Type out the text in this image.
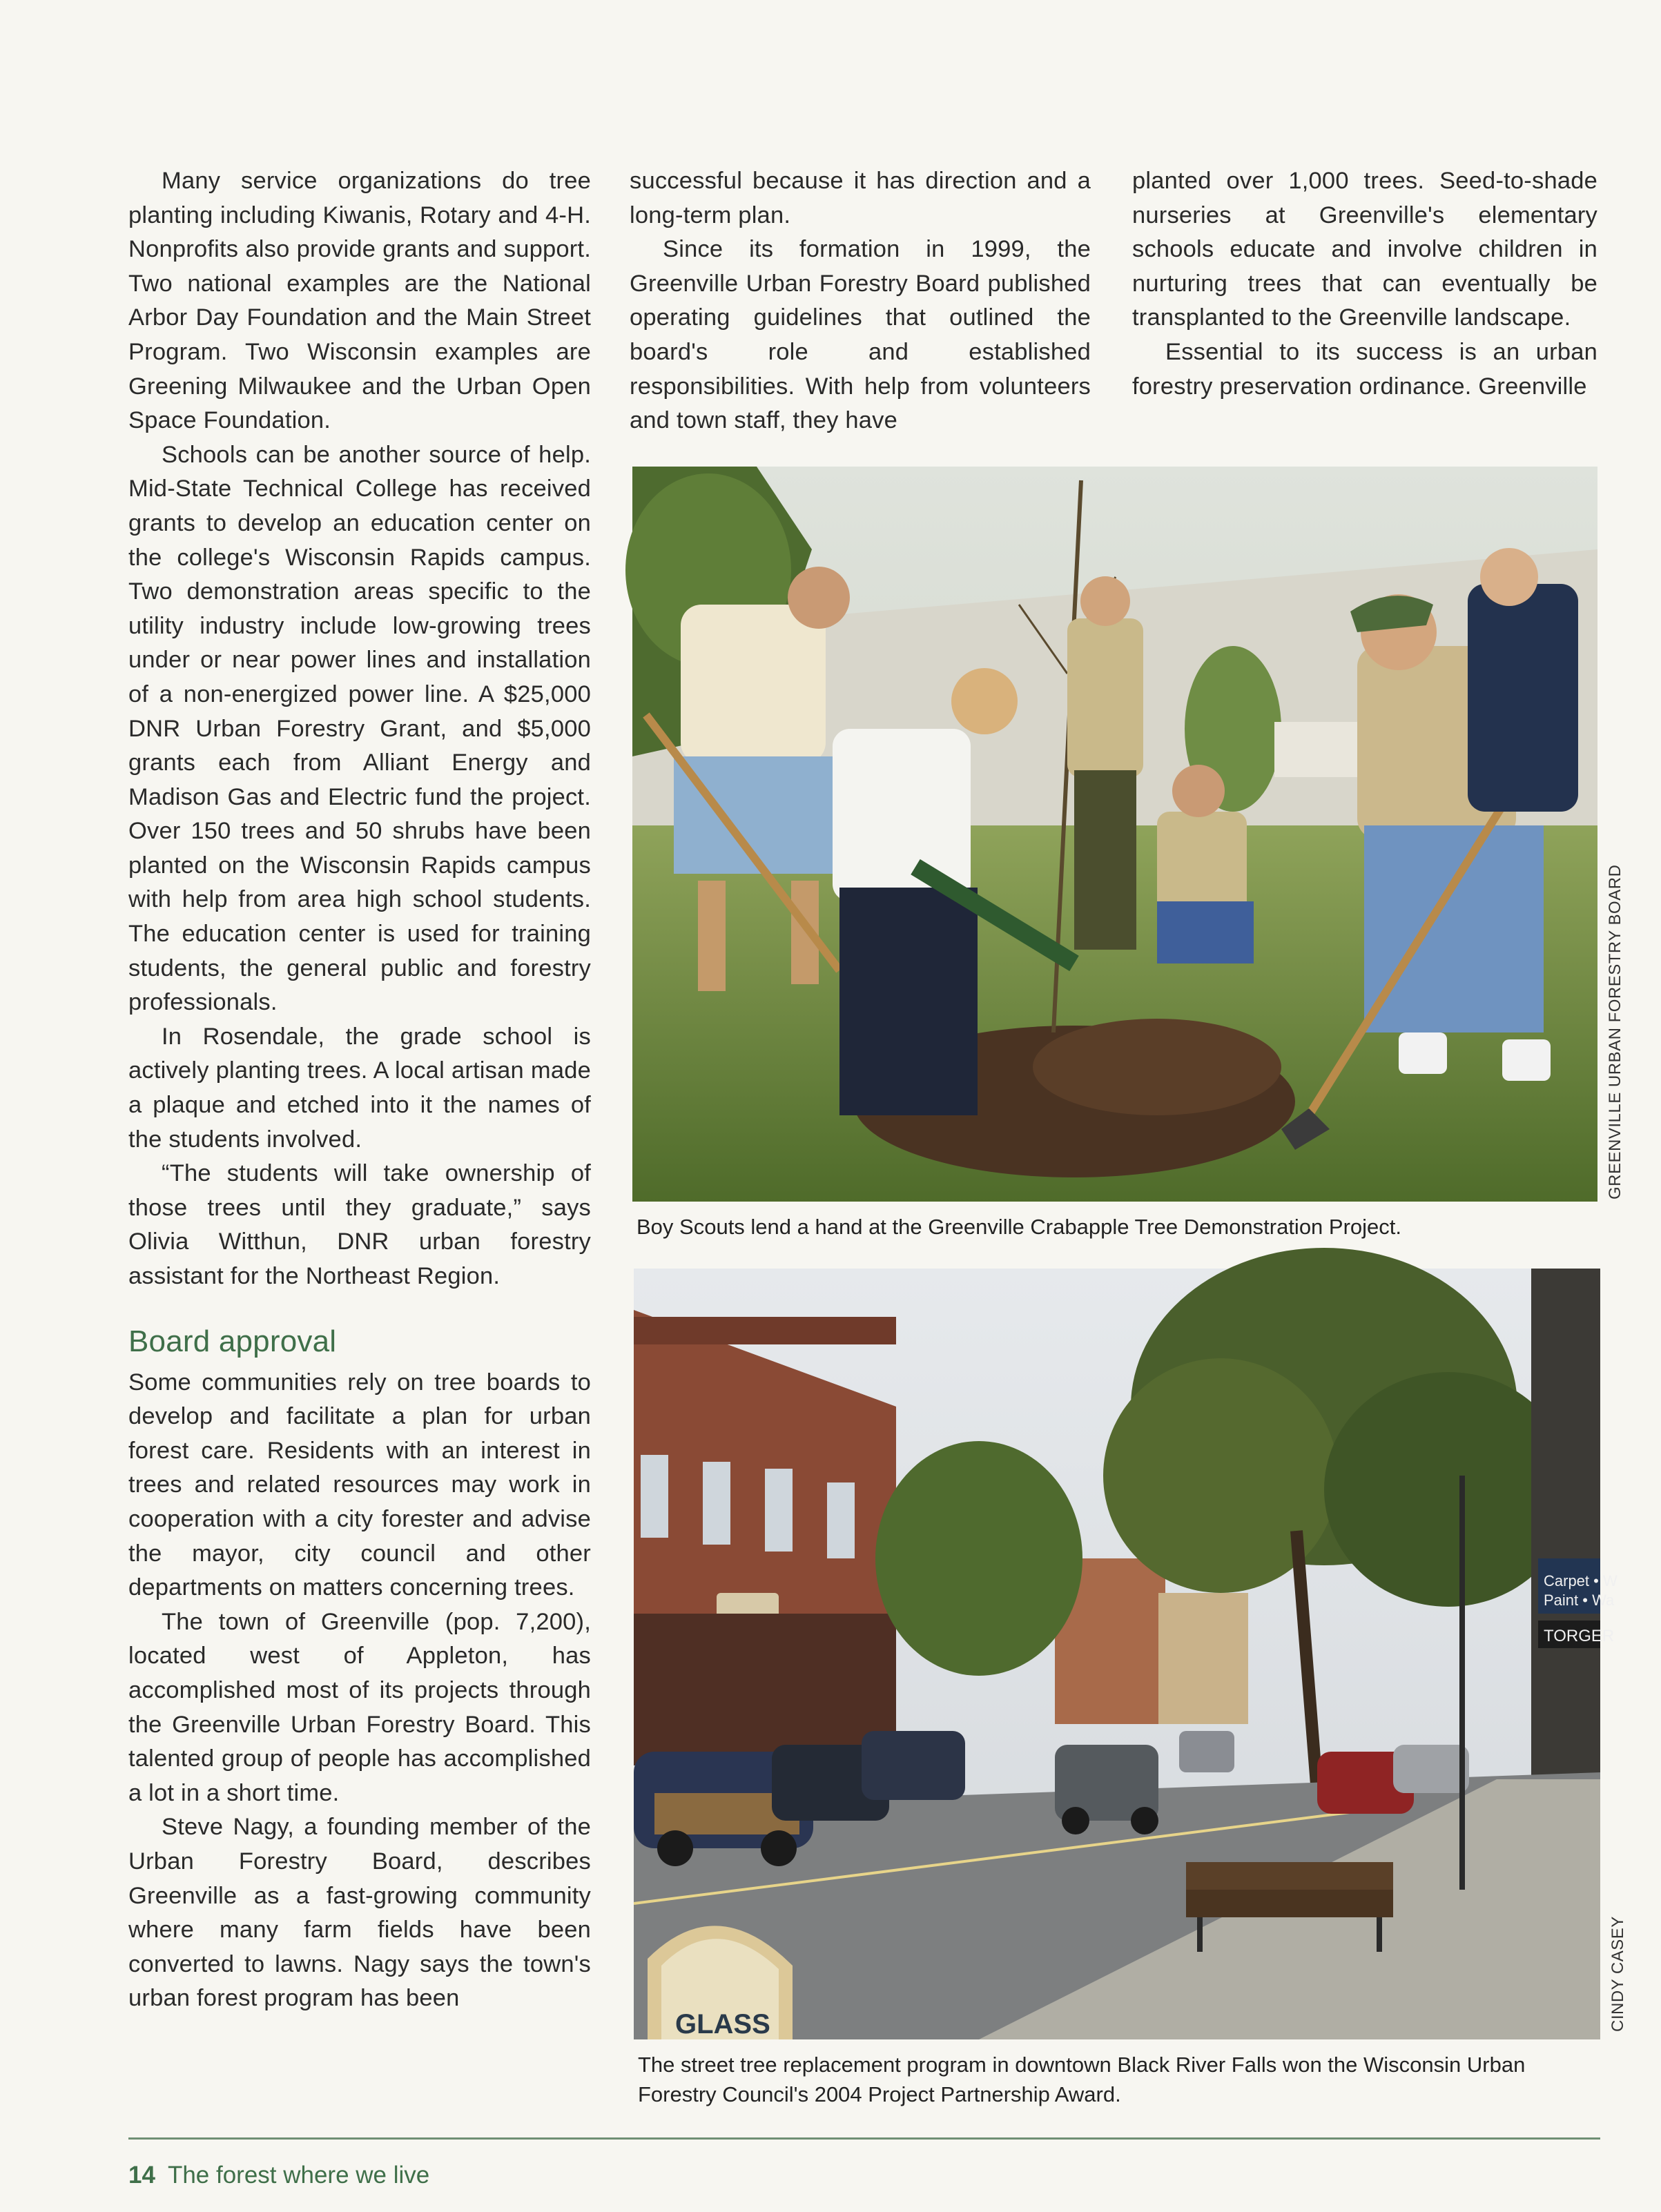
Many service organizations do tree planting including Kiwanis, Rotary and 4-H. Nonprofits also provide grants and support. Two national examples are the National Arbor Day Foundation and the Main Street Program. Two Wisconsin examples are Greening Milwaukee and the Urban Open Space Foundation.

Schools can be another source of help. Mid-State Technical College has received grants to develop an education center on the college's Wisconsin Rapids campus. Two demonstration areas specific to the utility industry include low-growing trees under or near power lines and installation of a non-energized power line. A $25,000 DNR Urban Forestry Grant, and $5,000 grants each from Alliant Energy and Madison Gas and Electric fund the project. Over 150 trees and 50 shrubs have been planted on the Wisconsin Rapids campus with help from area high school students. The education center is used for training students, the general public and forestry professionals.

In Rosendale, the grade school is actively planting trees. A local artisan made a plaque and etched into it the names of the students involved.

“The students will take ownership of those trees until they graduate,” says Olivia Witthun, DNR urban forestry assistant for the Northeast Region.

Board approval

Some communities rely on tree boards to develop and facilitate a plan for urban forest care. Residents with an interest in trees and related resources may work in cooperation with a city forester and advise the mayor, city council and other departments on matters concerning trees.

The town of Greenville (pop. 7,200), located west of Appleton, has accomplished most of its projects through the Greenville Urban Forestry Board. This talented group of people has accomplished a lot in a short time.

Steve Nagy, a founding member of the Urban Forestry Board, describes Greenville as a fast-growing community where many farm fields have been converted to lawns. Nagy says the town's urban forest program has been

successful because it has direction and a long-term plan.

Since its formation in 1999, the Greenville Urban Forestry Board published operating guidelines that outlined the board's role and established responsibilities. With help from volunteers and town staff, they have

planted over 1,000 trees. Seed-to-shade nurseries at Greenville's elementary schools educate and involve children in nurturing trees that can eventually be transplanted to the Greenville landscape.

Essential to its success is an urban forestry preservation ordinance. Greenville

Boy Scouts lend a hand at the Greenville Crabapple Tree Demonstration Project.
GREENVILLE URBAN FORESTRY BOARD
Carpet • W
Paint • Wa
TORGER
GLASS
The street tree replacement program in downtown Black River Falls won the Wisconsin Urban Forestry Council's 2004 Project Partnership Award.
CINDY CASEY
14 The forest where we live
